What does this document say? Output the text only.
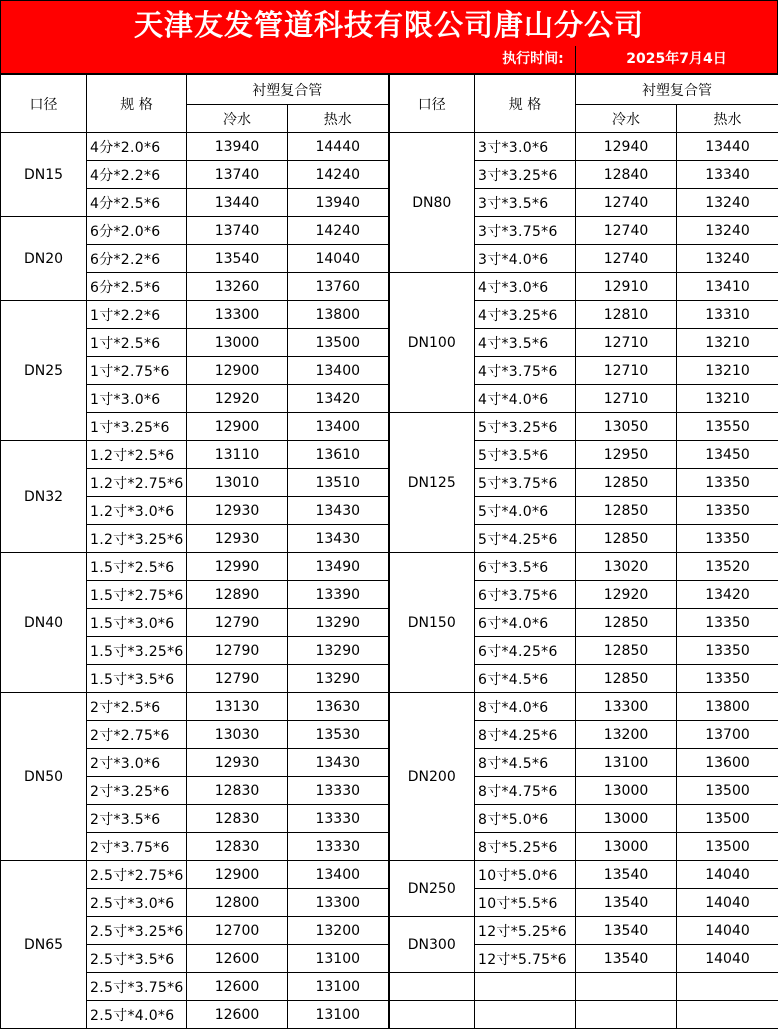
天津友发管道科技有限公司唐山分公司
执行时间:	2025年7月4日
口径	规 格	衬塑复合管		口径	规 格	衬塑复合管	
		冷水	热水			冷水	热水
DN15	4分*2.0*6	13940	14440	DN80	3寸*3.0*6	12940	13440
	4分*2.2*6	13740	14240		3寸*3.25*6	12840	13340
	4分*2.5*6	13440	13940		3寸*3.5*6	12740	13240
DN20	6分*2.0*6	13740	14240		3寸*3.75*6	12740	13240
	6分*2.2*6	13540	14040		3寸*4.0*6	12740	13240
	6分*2.5*6	13260	13760	DN100	4寸*3.0*6	12910	13410
DN25	1寸*2.2*6	13300	13800		4寸*3.25*6	12810	13310
	1寸*2.5*6	13000	13500		4寸*3.5*6	12710	13210
	1寸*2.75*6	12900	13400		4寸*3.75*6	12710	13210
	1寸*3.0*6	12920	13420		4寸*4.0*6	12710	13210
	1寸*3.25*6	12900	13400	DN125	5寸*3.25*6	13050	13550
DN32	1.2寸*2.5*6	13110	13610		5寸*3.5*6	12950	13450
	1.2寸*2.75*6	13010	13510		5寸*3.75*6	12850	13350
	1.2寸*3.0*6	12930	13430		5寸*4.0*6	12850	13350
	1.2寸*3.25*6	12930	13430		5寸*4.25*6	12850	13350
DN40	1.5寸*2.5*6	12990	13490	DN150	6寸*3.5*6	13020	13520
	1.5寸*2.75*6	12890	13390		6寸*3.75*6	12920	13420
	1.5寸*3.0*6	12790	13290		6寸*4.0*6	12850	13350
	1.5寸*3.25*6	12790	13290		6寸*4.25*6	12850	13350
	1.5寸*3.5*6	12790	13290		6寸*4.5*6	12850	13350
DN50	2寸*2.5*6	13130	13630	DN200	8寸*4.0*6	13300	13800
	2寸*2.75*6	13030	13530		8寸*4.25*6	13200	13700
	2寸*3.0*6	12930	13430		8寸*4.5*6	13100	13600
	2寸*3.25*6	12830	13330		8寸*4.75*6	13000	13500
	2寸*3.5*6	12830	13330		8寸*5.0*6	13000	13500
	2寸*3.75*6	12830	13330		8寸*5.25*6	13000	13500
DN65	2.5寸*2.75*6	12900	13400	DN250	10寸*5.0*6	13540	14040
	2.5寸*3.0*6	12800	13300		10寸*5.5*6	13540	14040
	2.5寸*3.25*6	12700	13200	DN300	12寸*5.25*6	13540	14040
	2.5寸*3.5*6	12600	13100		12寸*5.75*6	13540	14040
	2.5寸*3.75*6	12600	13100				
	2.5寸*4.0*6	12600	13100				
